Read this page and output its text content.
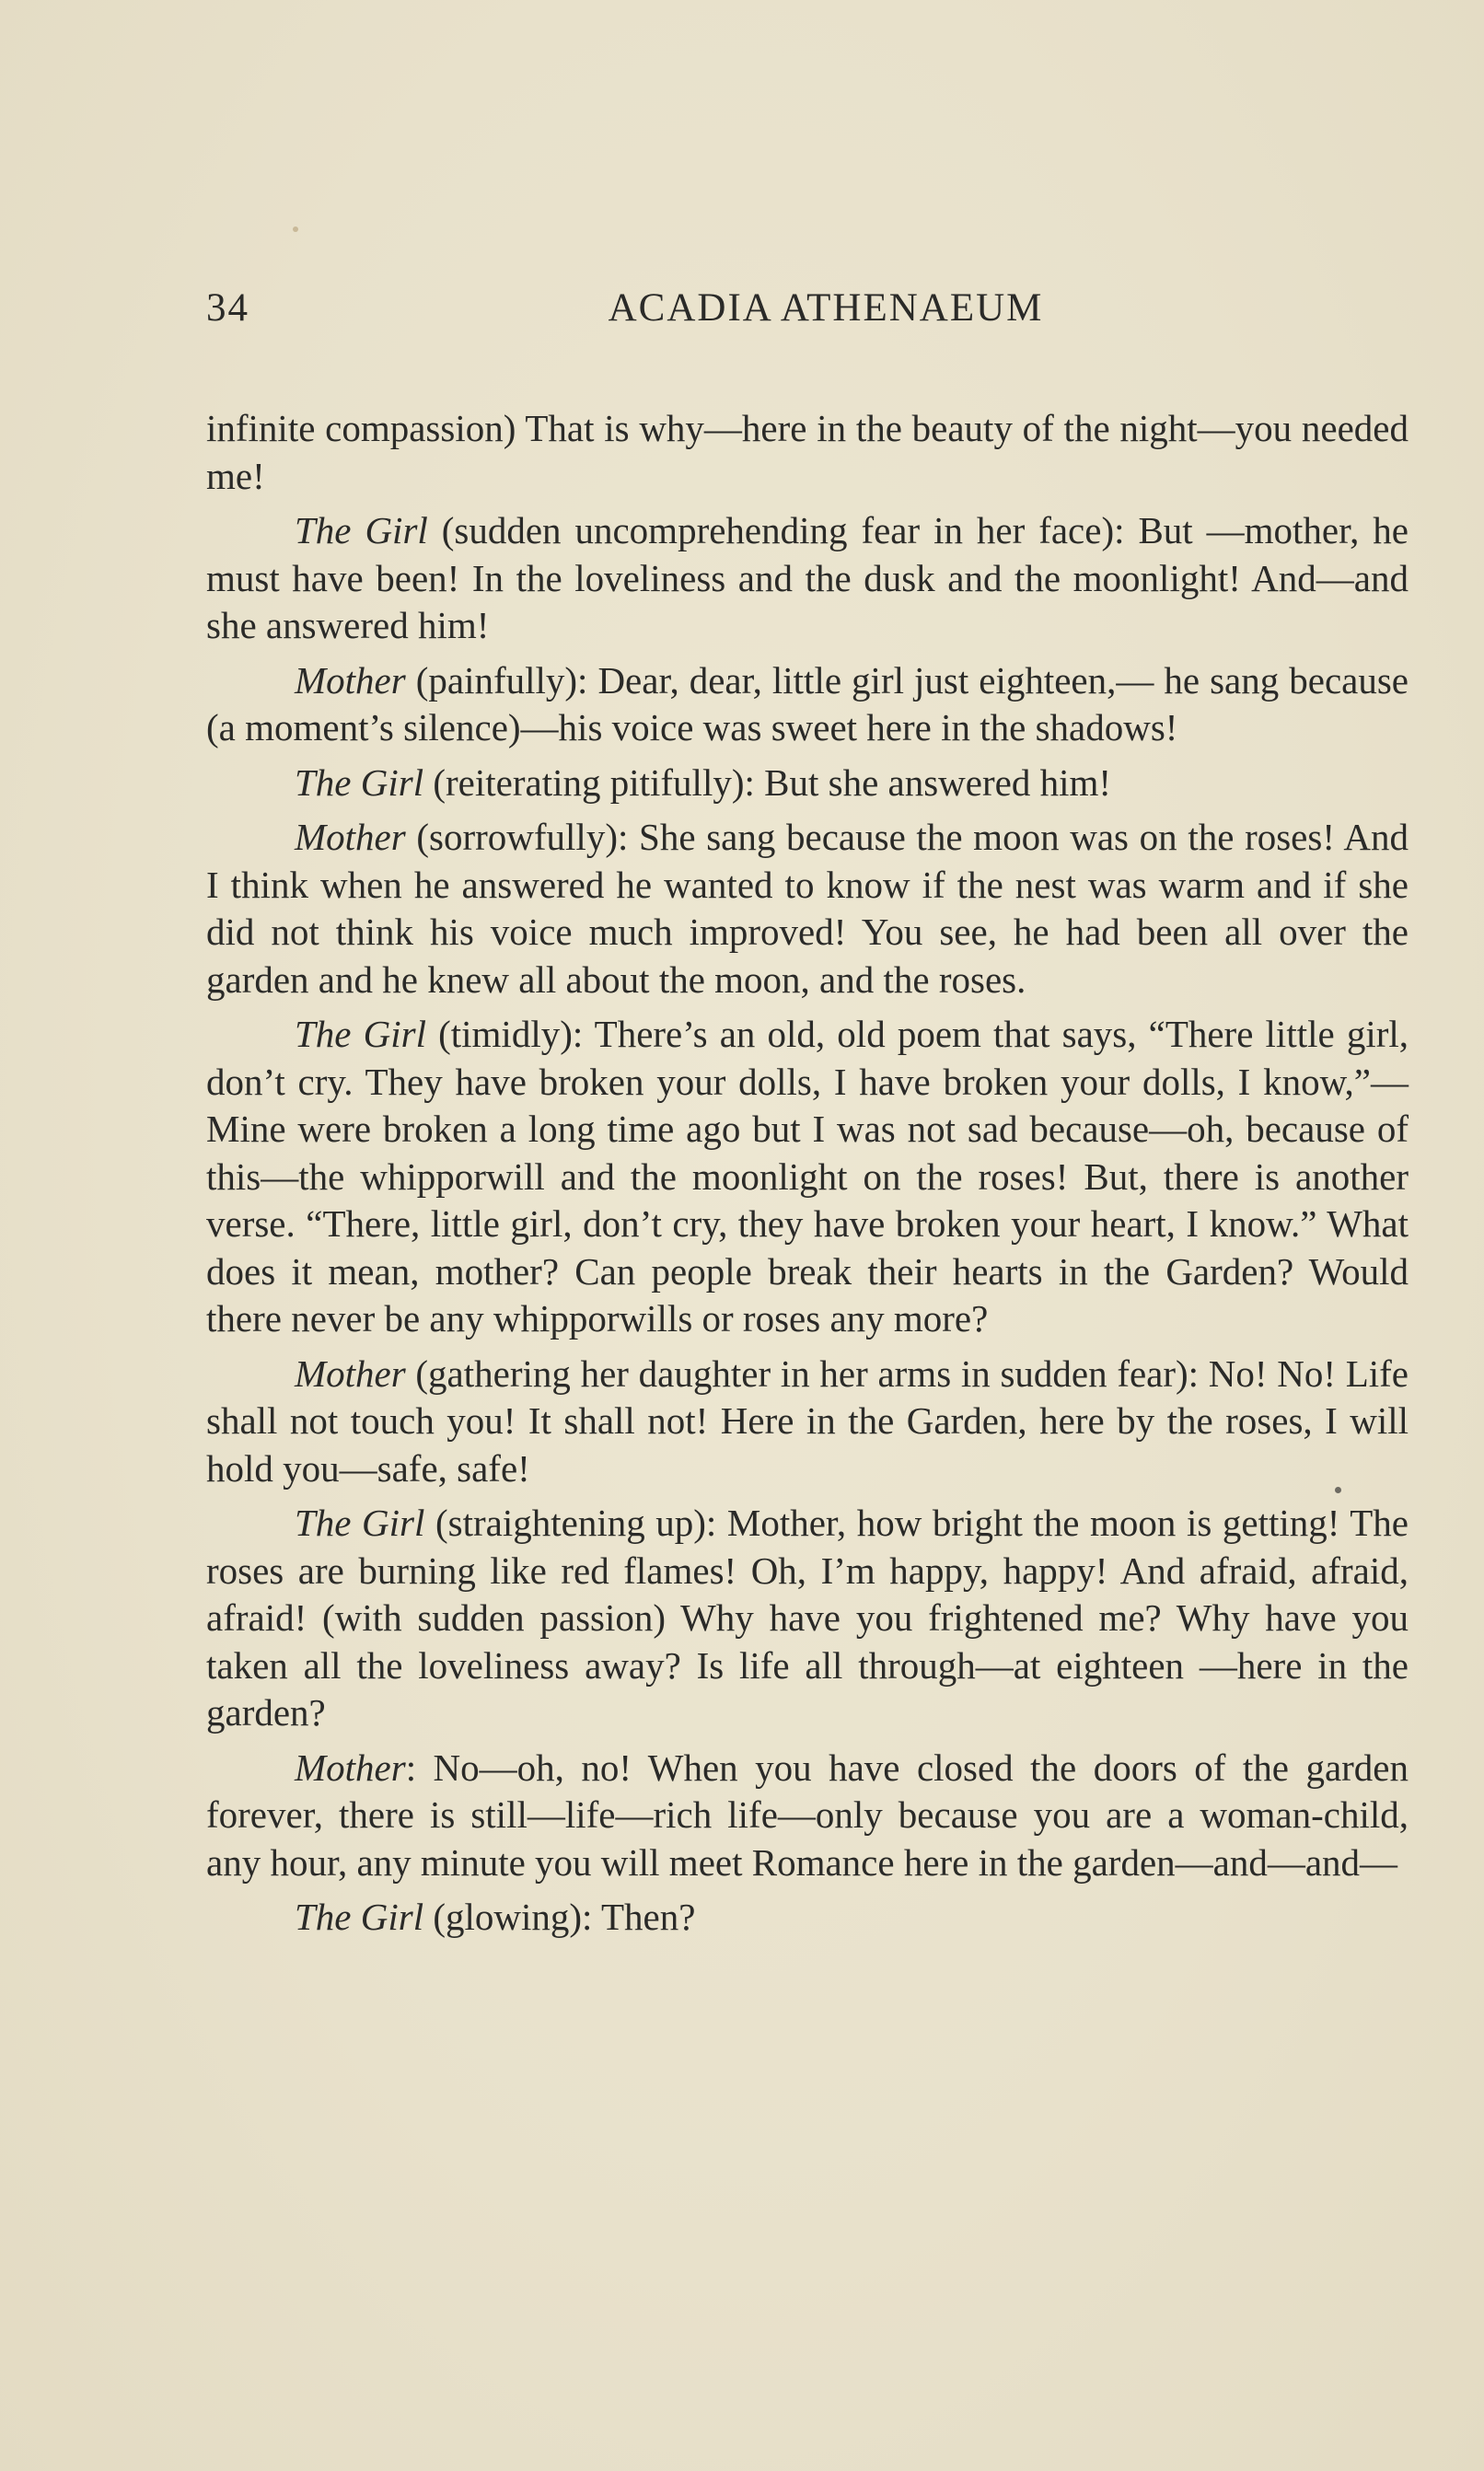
34	ACADIA ATHENAEUM

infinite compassion) That is why—here in the beauty of the night—you needed me!

The Girl (sudden uncomprehending fear in her face): But —mother, he must have been! In the loveliness and the dusk and the moonlight! And—and she answered him!

Mother (painfully): Dear, dear, little girl just eighteen,— he sang because (a moment’s silence)—his voice was sweet here in the shadows!

The Girl (reiterating pitifully): But she answered him!

Mother (sorrowfully): She sang because the moon was on the roses! And I think when he answered he wanted to know if the nest was warm and if she did not think his voice much improved! You see, he had been all over the garden and he knew all about the moon, and the roses.

The Girl (timidly): There’s an old, old poem that says, “There little girl, don’t cry. They have broken your dolls, I have broken your dolls, I know,”—Mine were broken a long time ago but I was not sad because—oh, because of this—the whipporwill and the moonlight on the roses! But, there is another verse. “There, little girl, don’t cry, they have broken your heart, I know.” What does it mean, mother? Can people break their hearts in the Garden? Would there never be any whipporwills or roses any more?

Mother (gathering her daughter in her arms in sudden fear): No! No! Life shall not touch you! It shall not! Here in the Garden, here by the roses, I will hold you—safe, safe!

The Girl (straightening up): Mother, how bright the moon is getting! The roses are burning like red flames! Oh, I’m happy, happy! And afraid, afraid, afraid! (with sudden passion) Why have you frightened me? Why have you taken all the loveliness away? Is life all through—at eighteen —here in the garden?

Mother: No—oh, no! When you have closed the doors of the garden forever, there is still—life—rich life—only because you are a woman-child, any hour, any minute you will meet Romance here in the garden—and—and—

The Girl (glowing): Then?
